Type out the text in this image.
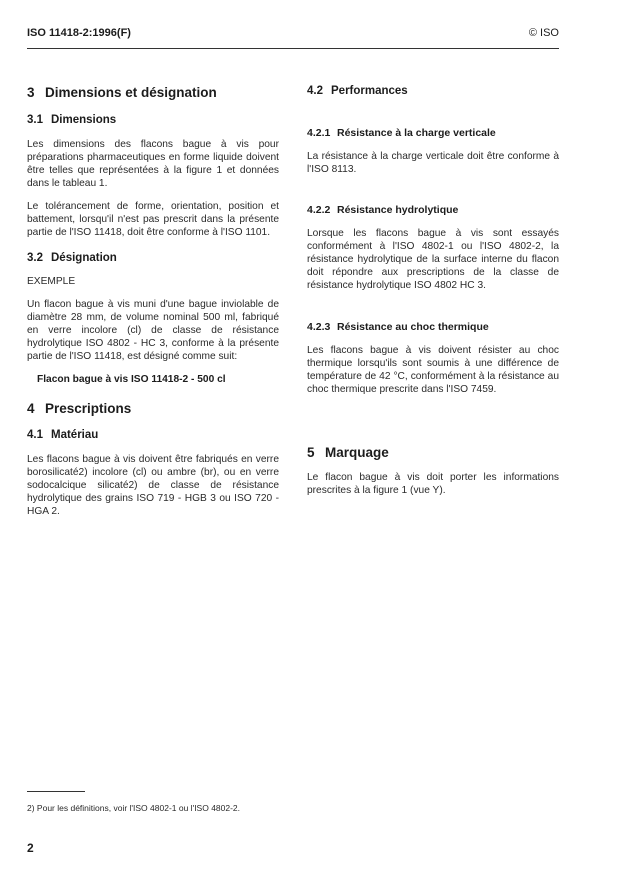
ISO 11418-2:1996(F)	© ISO
3 Dimensions et désignation
3.1 Dimensions

Les dimensions des flacons bague à vis pour préparations pharmaceutiques en forme liquide doivent être telles que représentées à la figure 1 et données dans le tableau 1.

Le tolérancement de forme, orientation, position et battement, lorsqu'il n'est pas prescrit dans la présente partie de l'ISO 11418, doit être conforme à l'ISO 1101.

3.2 Désignation

EXEMPLE

Un flacon bague à vis muni d'une bague inviolable de diamètre 28 mm, de volume nominal 500 ml, fabriqué en verre incolore (cl) de classe de résistance hydrolytique ISO 4802 - HC 3, conforme à la présente partie de l'ISO 11418, est désigné comme suit:

Flacon bague à vis ISO 11418-2 - 500 cl
4 Prescriptions
4.1 Matériau

Les flacons bague à vis doivent être fabriqués en verre borosilicaté2) incolore (cl) ou ambre (br), ou en verre sodocalcique silicaté2) de classe de résistance hydrolytique des grains ISO 719 - HGB 3 ou ISO 720 - HGA 2.

4.2 Performances
4.2.1 Résistance à la charge verticale

La résistance à la charge verticale doit être conforme à l'ISO 8113.

4.2.2 Résistance hydrolytique

Lorsque les flacons bague à vis sont essayés conformément à l'ISO 4802-1 ou l'ISO 4802-2, la résistance hydrolytique de la surface interne du flacon doit répondre aux prescriptions de la classe de résistance hydrolytique ISO 4802 HC 3.

4.2.3 Résistance au choc thermique

Les flacons bague à vis doivent résister au choc thermique lorsqu'ils sont soumis à une différence de température de 42 °C, conformément à la résistance au choc thermique prescrite dans l'ISO 7459.

5 Marquage

Le flacon bague à vis doit porter les informations prescrites à la figure 1 (vue Y).

2) Pour les définitions, voir l'ISO 4802-1 ou l'ISO 4802-2.
2
